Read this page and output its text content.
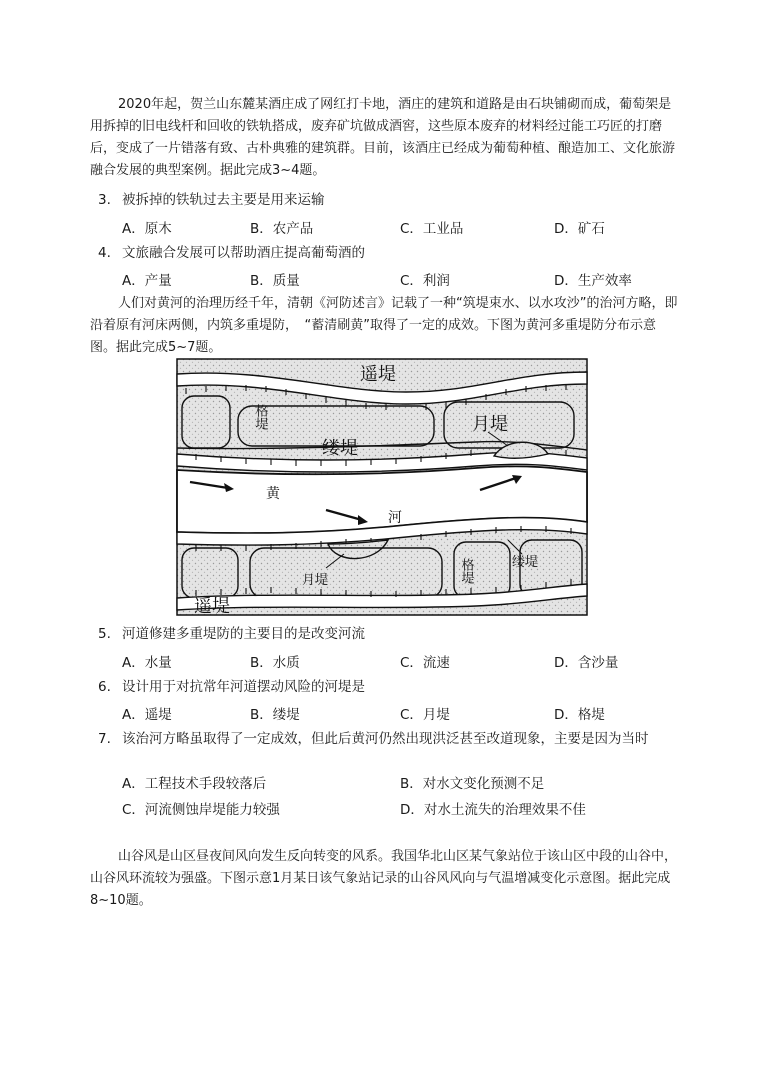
2020年起，贺兰山东麓某酒庄成了网红打卡地，酒庄的建筑和道路是由石块铺砌而成，葡萄架是用拆掉的旧电线杆和回收的铁轨搭成，废弃矿坑做成酒窖，这些原本废弃的材料经过能工巧匠的打磨后，变成了一片错落有致、古朴典雅的建筑群。目前，该酒庄已经成为葡萄种植、酿造加工、文化旅游融合发展的典型案例。据此完成3~4题。

3. 被拆掉的铁轨过去主要是用来运输
A．原木	B．农产品	C．工业品	D．矿石
4. 文旅融合发展可以帮助酒庄提高葡萄酒的
A．产量	B．质量	C．利润	D．生产效率

人们对黄河的治理历经千年，清朝《河防述言》记载了一种“筑堤束水、以水攻沙”的治河方略，即沿着原有河床两侧，内筑多重堤防，　“蓄清刷黄”取得了一定的成效。下图为黄河多重堤防分布示意图。据此完成5~7题。

遥堤
格堤	月堤
缕堤
黄
河
月堤	格堤	缕堤
遥堤
5. 河道修建多重堤防的主要目的是改变河流
A．水量	B．水质	C．流速	D．含沙量
6. 设计用于对抗常年河道摆动风险的河堤是
A．遥堤	B．缕堤	C．月堤	D．格堤
7. 该治河方略虽取得了一定成效，但此后黄河仍然出现洪泛甚至改道现象，主要是因为当时
A．工程技术手段较落后	B．对水文变化预测不足
C．河流侧蚀岸堤能力较强	D．对水土流失的治理效果不佳

山谷风是山区昼夜间风向发生反向转变的风系。我国华北山区某气象站位于该山区中段的山谷中，山谷风环流较为强盛。下图示意1月某日该气象站记录的山谷风风向与气温增减变化示意图。据此完成8~10题。
